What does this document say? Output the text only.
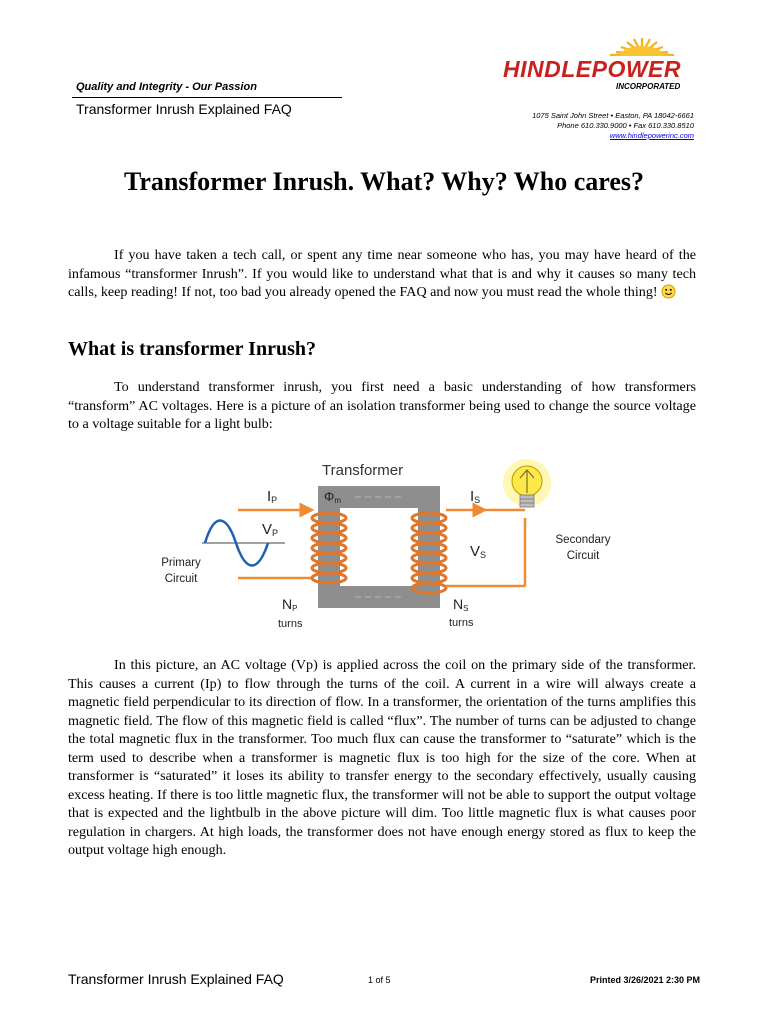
Quality and Integrity - Our Passion
Transformer Inrush Explained FAQ
HINDLEPOWER
INCORPORATED
1075 Saint John Street • Easton, PA 18042-6661
Phone 610.330.9000 • Fax 610.330.8510
www.hindlepowerinc.com
Transformer Inrush. What? Why? Who cares?
If you have taken a tech call, or spent any time near someone who has, you may have heard of the infamous “transformer Inrush”. If you would like to understand what that is and why it causes so many tech calls, keep reading! If not, too bad you already opened the FAQ and now you must read the whole thing!
What is transformer Inrush?
To understand transformer inrush, you first need a basic understanding of how transformers “transform” AC voltages. Here is a picture of an isolation transformer being used to change the source voltage to a voltage suitable for a light bulb:
Transformer
IP
VP
Φm	IS
VS
NP	NS
turns	turns
Primary
Circuit
Secondary
Circuit
In this picture, an AC voltage (Vp) is applied across the coil on the primary side of the transformer. This causes a current (Ip) to flow through the turns of the coil. A current in a wire will always create a magnetic field perpendicular to its direction of flow. In a transformer, the orientation of the turns amplifies this magnetic field. The flow of this magnetic field is called “flux”. The number of turns can be adjusted to change the total magnetic flux in the transformer. Too much flux can cause the transformer to “saturate” which is the term used to describe when a transformer is magnetic flux is too high for the size of the core. When at transformer is “saturated” it loses its ability to transfer energy to the secondary effectively, usually causing excess heating. If there is too little magnetic flux, the transformer will not be able to support the output voltage that is expected and the lightbulb in the above picture will dim. Too little magnetic flux is what causes poor regulation in chargers. At high loads, the transformer does not have enough energy stored as flux to keep the output voltage high enough.
Transformer Inrush Explained FAQ	1 of 5	Printed 3/26/2021 2:30 PM
